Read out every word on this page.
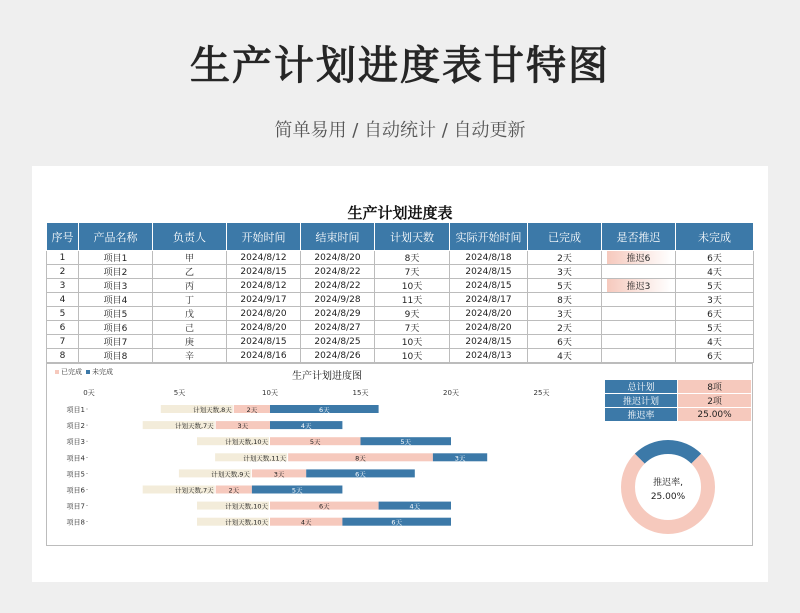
生产计划进度表甘特图
简单易用 / 自动统计 / 自动更新
生产计划进度表
序号	产品名称	负责人	开始时间	结束时间	计划天数	实际开始时间	已完成	是否推迟	未完成
1	项目1	甲	2024/8/12	2024/8/20	8天	2024/8/18	2天	推迟6	6天
2	项目2	乙	2024/8/15	2024/8/22	7天	2024/8/15	3天		4天
3	项目3	丙	2024/8/12	2024/8/22	10天	2024/8/15	5天	推迟3	5天
4	项目4	丁	2024/9/17	2024/9/28	11天	2024/8/17	8天		3天
5	项目5	戊	2024/8/20	2024/8/29	9天	2024/8/20	3天		6天
6	项目6	己	2024/8/20	2024/8/27	7天	2024/8/20	2天		5天
7	项目7	庚	2024/8/15	2024/8/25	10天	2024/8/15	6天		4天
8	项目8	辛	2024/8/16	2024/8/26	10天	2024/8/13	4天		6天
已完成 未完成	生产计划进度图
0天	5天	10天	15天	20天	25天
项目1	计划天数,8天 2天	6天
项目2	计划天数,7天	3天	4天
项目3	计划天数,10天	5天	5天
项目4	计划天数,11天	8天	3天
项目5	计划天数,9天	3天	6天
项目6	计划天数,7天 2天	5天
项目7	计划天数,10天	6天	4天
项目8	计划天数,10天	4天	6天
总计划	8项
推迟计划	2项
推迟率	25.00%
推迟率,
25.00%
